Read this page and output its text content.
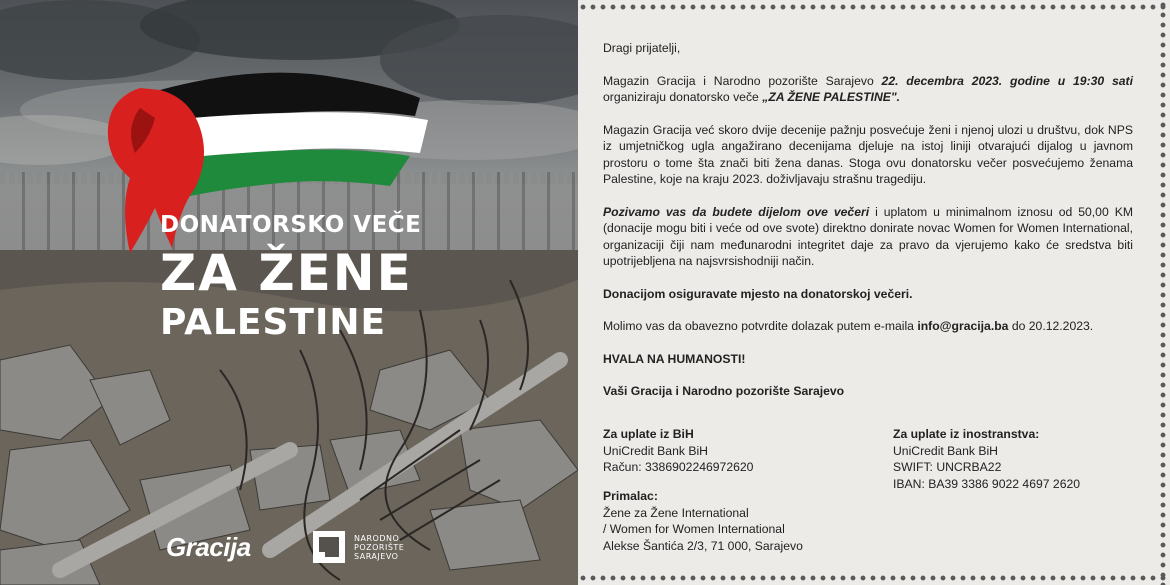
DONATORSKO VEČE
ZA ŽENE
PALESTINE
Gracija	NARODNO
POZORIŠTE
SARAJEVO

Dragi prijatelji,

Magazin Gracija i Narodno pozorište Sarajevo 22. decembra 2023. godine u 19:30 sati organiziraju donatorsko veče „ZA ŽENE PALESTINE".

Magazin Gracija već skoro dvije decenije pažnju posvećuje ženi i njenoj ulozi u društvu, dok NPS iz umjetničkog ugla angažirano decenijama djeluje na istoj liniji otvarajući dijalog u javnom prostoru o tome šta znači biti žena danas. Stoga ovu donatorsku večer posvećujemo ženama Palestine, koje na kraju 2023. doživljavaju strašnu tragediju.

Pozivamo vas da budete dijelom ove večeri i uplatom u minimalnom iznosu od 50,00 KM (donacije mogu biti i veće od ove svote) direktno donirate novac Women for Women International, organizaciji čiji nam međunarodni integritet daje za pravo da vjerujemo kako će sredstva biti upotrijebljena na najsvrsishodniji način.

Donacijom osiguravate mjesto na donatorskoj večeri.

Molimo vas da obavezno potvrdite dolazak putem e-maila info@gracija.ba do 20.12.2023.

HVALA NA HUMANOSTI!

Vaši Gracija i Narodno pozorište Sarajevo

Za uplate iz BiH
UniCredit Bank BiH
Račun: 3386902246972620
Za uplate iz inostranstva:
UniCredit Bank BiH
SWIFT: UNCRBA22
IBAN: BA39 3386 9022 4697 2620
Primalac:
Žene za Žene International
/ Women for Women International
Alekse Šantića 2/3, 71 000, Sarajevo
